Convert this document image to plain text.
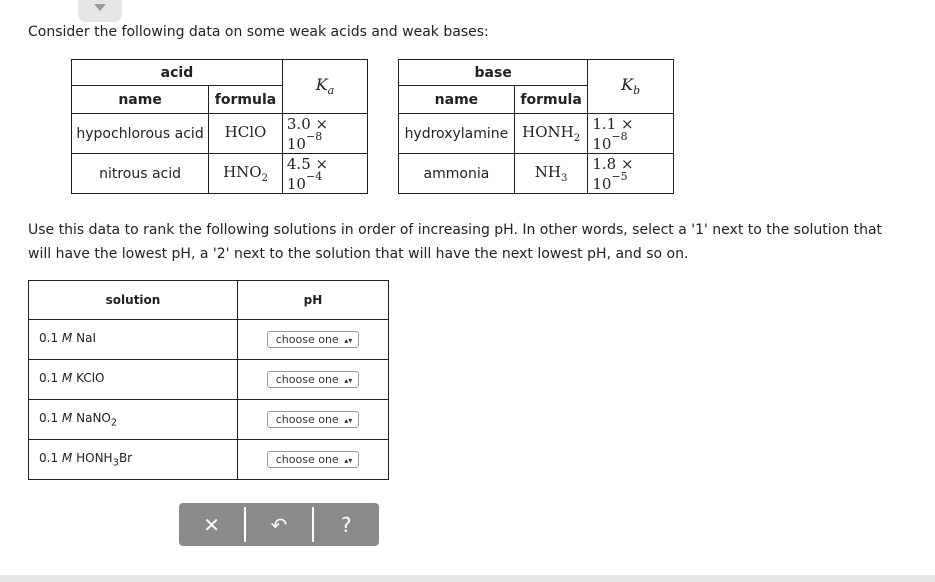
Consider the following data on some weak acids and weak bases:
acid		$K_a$
name	formula	
hypochlorous acid	HClO	$3.0 \times 10^{-8}$
nitrous acid	$HNO_2$	$4.5 \times 10^{-4}$
base		$K_b$
name	formula	
hydroxylamine	$HONH_2$	$1.1 \times 10^{-8}$
ammonia	$NH_3$	$1.8 \times 10^{-5}$
Use this data to rank the following solutions in order of increasing pH. In other words, select a '1' next to the solution that will have the lowest pH, a '2' next to the solution that will have the next lowest pH, and so on.
solution	pH
0.1 M NaI	choose one ▴▾
0.1 M KClO	choose one ▴▾
0.1 M NaNO$_2$	choose one ▴▾
0.1 M $HONH_3Br$	choose one ▴▾
✕	↶	?
